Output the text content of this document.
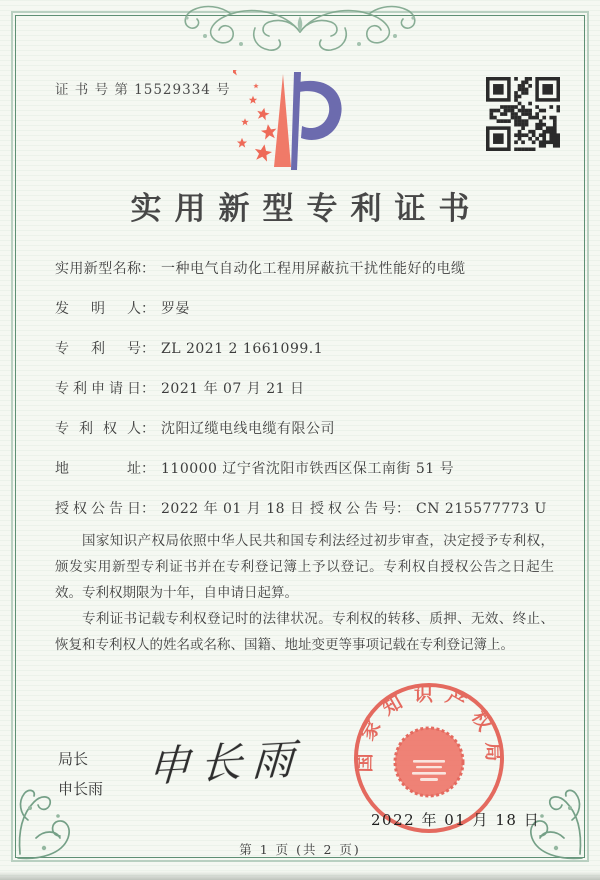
证 书 号 第 15529334 号
实用新型专利证书
实用新型名称： 一种电气自动化工程用屏蔽抗干扰性能好的电缆
发明人： 罗晏
专利号： ZL 2021 2 1661099.1
专利申请日： 2021 年 07 月 21 日
专利权人： 沈阳辽缆电线电缆有限公司
地址： 110000 辽宁省沈阳市铁西区保工南街 51 号
授权公告日： 2022 年 01 月 18 日 授权公告号： CN 215577773 U

国家知识产权局依照中华人民共和国专利法经过初步审查，决定授予专利权，颁发实用新型专利证书并在专利登记簿上予以登记。专利权自授权公告之日起生效。专利权期限为十年，自申请日起算。

专利证书记载专利权登记时的法律状况。专利权的转移、质押、无效、终止、恢复和专利权人的姓名或名称、国籍、地址变更等事项记载在专利登记簿上。

局长
申长雨 申长雨	国家知识产权局
2022 年 01 月 18 日
第 1 页 (共 2 页)
